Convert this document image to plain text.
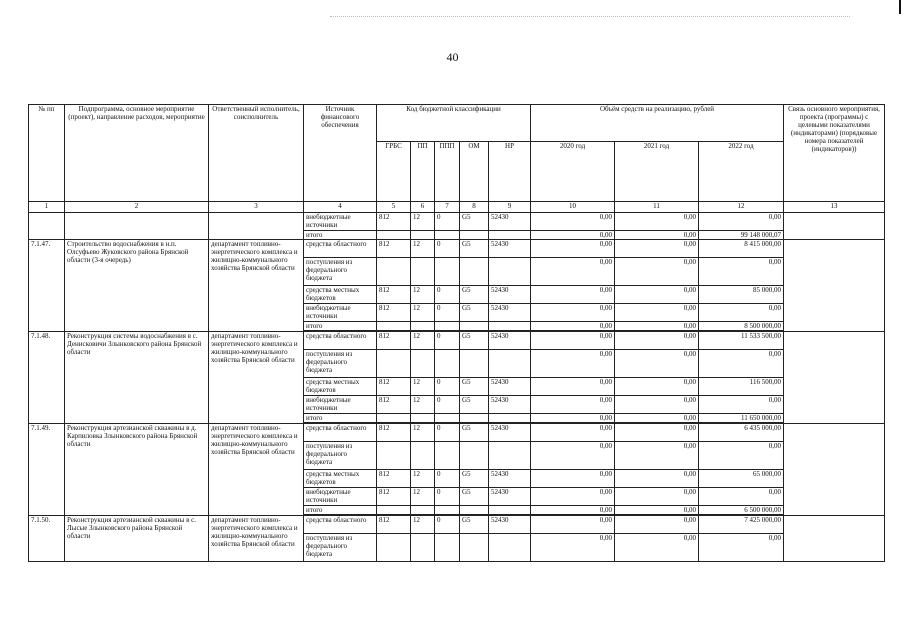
40
№ пп	Подпрограмма, основное мероприятие (проект), направление расходов, мероприятие	Ответственный исполнитель, соисполнитель	Источник финансового обеспечения	Код бюджетной классификации					Объём средств на реализацию, рублей			Связь основного мероприятия, проекта (программы) с целевыми показателями (индикаторами) (порядковые номера показателей (индикаторов))
				ГРБС	ПП	ППП	ОМ	НР	2020 год	2021 год	2022 год	
1	2	3	4	5	6	7	8	9	10	11	12	13
			внебюджетные источники	812	12	0	G5	52430	0,00	0,00	0,00	
			итого						0,00	0,00	99 148 000,07	
7.1.47.	Строительство водоснабжения в н.п. Олсуфьево Жуковского района Брянской области (3-я очередь)	департамент топливно-энергетического комплекса и жилищно-коммунального хозяйства Брянской области	средства областного	812	12	0	G5	52430	0,00	0,00	8 415 000,00	
			поступления из федерального бюджета						0,00	0,00	0,00	
			средства местных бюджетов	812	12	0	G5	52430	0,00	0,00	85 000,00	
			внебюджетные источники	812	12	0	G5	52430	0,00	0,00	0,00	
			итого						0,00	0,00	8 500 000,00	

7.1.48.	Реконструкция системы водоснабжения в с. Денисковичи Злынковского района Брянской области	департамент топливно-энергетического комплекса и жилищно-коммунального хозяйства Брянской области	средства областного	812	12	0	G5	52430	0,00	0,00	11 533 500,00	
			поступления из федерального бюджета						0,00	0,00	0,00	
			средства местных бюджетов	812	12	0	G5	52430	0,00	0,00	116 500,00	
			внебюджетные источники	812	12	0	G5	52430	0,00	0,00	0,00	
			итого						0,00	0,00	11 650 000,00	

7.1.49.	Реконструкция артезианской скважины в д. Карпиловка Злынковского района Брянской области	департамент топливно-энергетического комплекса и жилищно-коммунального хозяйства Брянской области	средства областного	812	12	0	G5	52430	0,00	0,00	6 435 000,00	
			поступления из федерального бюджета						0,00	0,00	0,00	
			средства местных бюджетов	812	12	0	G5	52430	0,00	0,00	65 000,00	
			внебюджетные источники	812	12	0	G5	52430	0,00	0,00	0,00	
			итого						0,00	0,00	6 500 000,00	

7.1.50.	Реконструкция артезианской скважины в с. Лысые Злынковского района Брянской области	департамент топливно-энергетического комплекса и жилищно-коммунального хозяйства Брянской области	средства областного	812	12	0	G5	52430	0,00	0,00	7 425 000,00	
			поступления из федерального бюджета						0,00	0,00	0,00	
